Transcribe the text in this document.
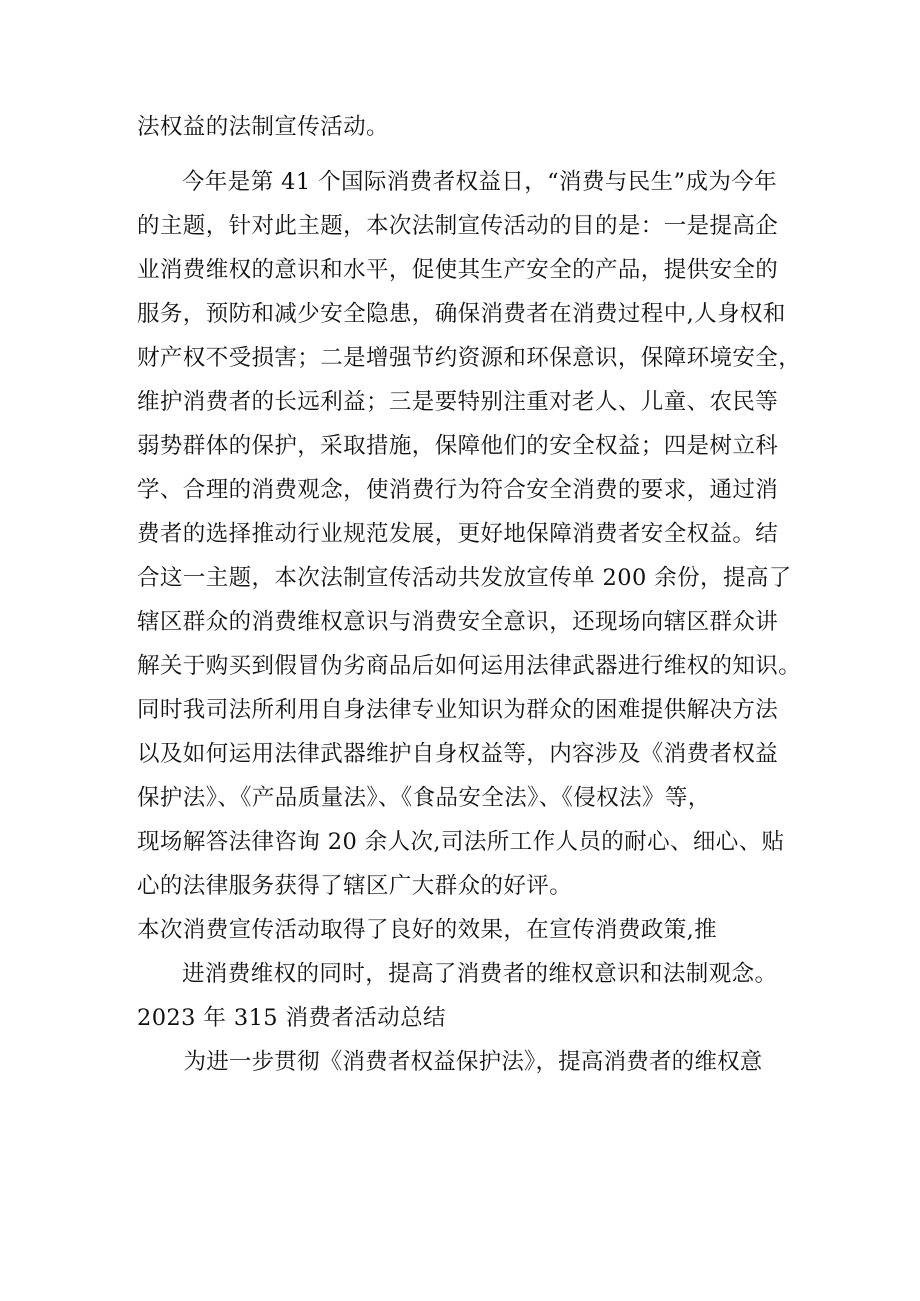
法权益的法制宣传活动。
今年是第 41 个国际消费者权益日，“消费与民生”成为今年
的主题，针对此主题，本次法制宣传活动的目的是：一是提高企
业消费维权的意识和水平，促使其生产安全的产品，提供安全的
服务，预防和减少安全隐患，确保消费者在消费过程中,人身权和
财产权不受损害；二是增强节约资源和环保意识，保障环境安全，
维护消费者的长远利益；三是要特别注重对老人、儿童、农民等
弱势群体的保护，采取措施，保障他们的安全权益；四是树立科
学、合理的消费观念，使消费行为符合安全消费的要求，通过消
费者的选择推动行业规范发展，更好地保障消费者安全权益。结
合这一主题，本次法制宣传活动共发放宣传单 200 余份，提高了
辖区群众的消费维权意识与消费安全意识，还现场向辖区群众讲
解关于购买到假冒伪劣商品后如何运用法律武器进行维权的知识。
同时我司法所利用自身法律专业知识为群众的困难提供解决方法
以及如何运用法律武器维护自身权益等，内容涉及《消费者权益
保护法》、《产品质量法》、《食品安全法》、《侵权法》等，
现场解答法律咨询 20 余人次,司法所工作人员的耐心、细心、贴
心的法律服务获得了辖区广大群众的好评。
本次消费宣传活动取得了良好的效果，在宣传消费政策,推
进消费维权的同时，提高了消费者的维权意识和法制观念。
2023 年 315 消费者活动总结
为进一步贯彻《消费者权益保护法》，提高消费者的维权意
